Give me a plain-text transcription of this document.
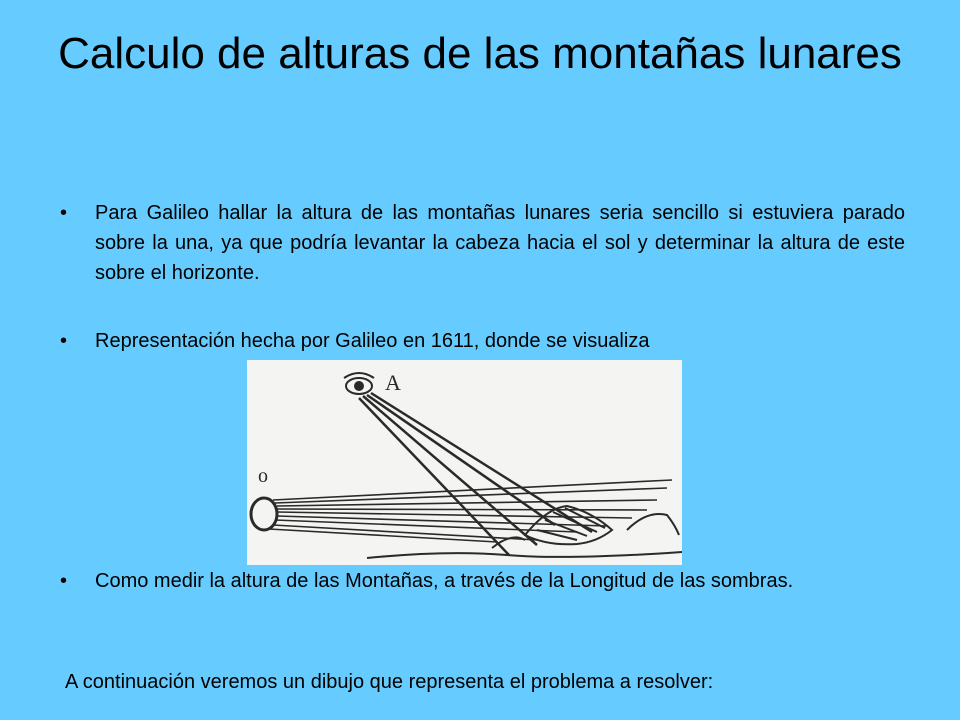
Calculo de alturas de las montañas lunares
• Para Galileo hallar la altura de las montañas lunares seria sencillo si estuviera parado sobre la una, ya que podría levantar la cabeza hacia el sol y determinar la altura de este sobre el horizonte.
• Representación hecha por Galileo en 1611, donde se visualiza
A
o
• Como medir la altura de las Montañas, a través de la Longitud de las sombras.
A continuación veremos un dibujo que representa el problema a resolver:
